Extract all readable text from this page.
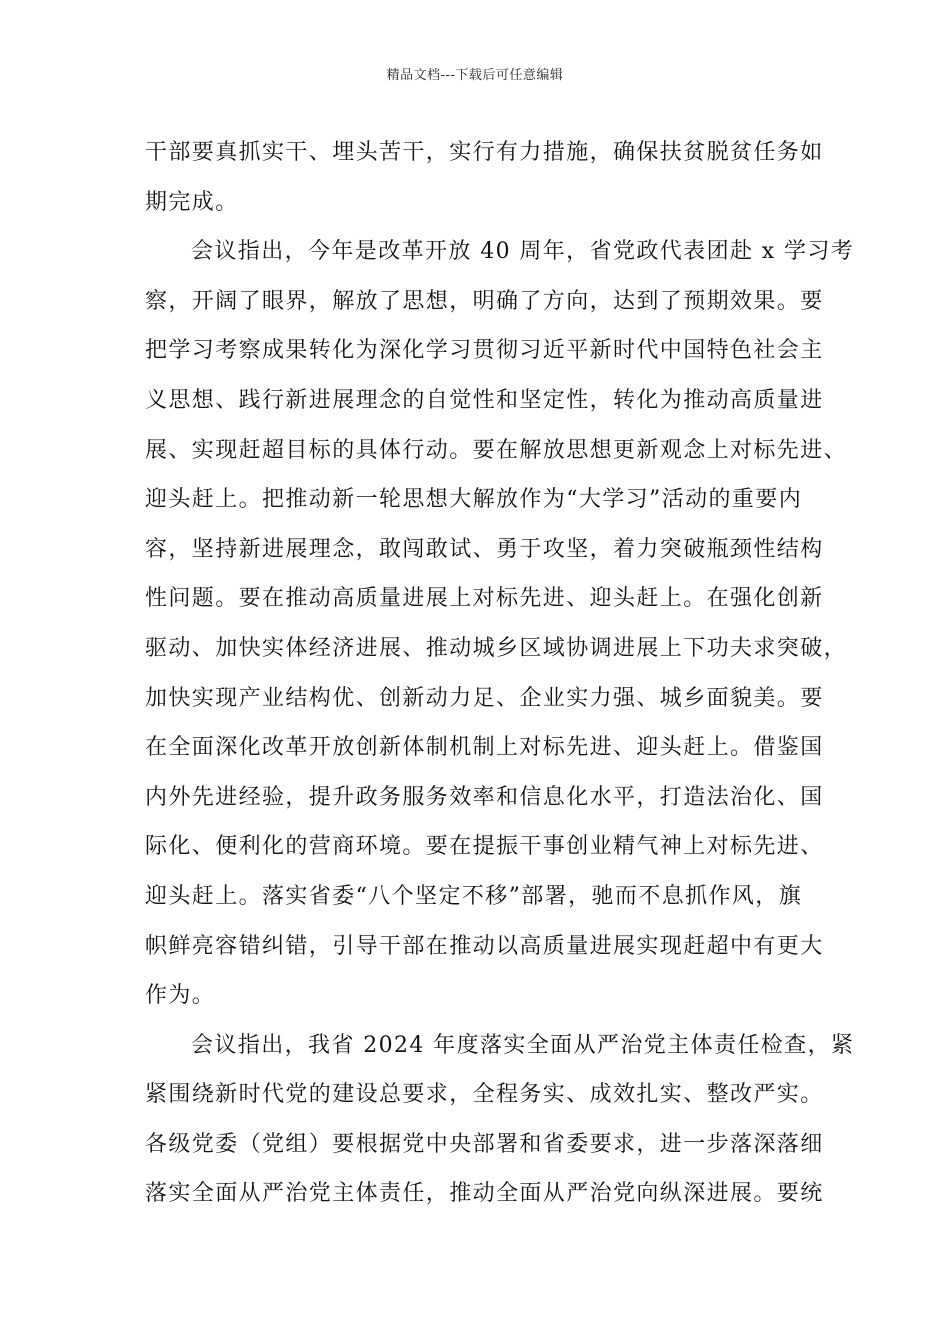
精品文档---下载后可任意编辑

干部要真抓实干、埋头苦干，实行有力措施，确保扶贫脱贫任务如
期完成。

会议指出，今年是改革开放 40 周年，省党政代表团赴 x 学习考
察，开阔了眼界，解放了思想，明确了方向，达到了预期效果。要
把学习考察成果转化为深化学习贯彻习近平新时代中国特色社会主
义思想、践行新进展理念的自觉性和坚定性，转化为推动高质量进
展、实现赶超目标的具体行动。要在解放思想更新观念上对标先进、
迎头赶上。把推动新一轮思想大解放作为“大学习”活动的重要内
容，坚持新进展理念，敢闯敢试、勇于攻坚，着力突破瓶颈性结构
性问题。要在推动高质量进展上对标先进、迎头赶上。在强化创新
驱动、加快实体经济进展、推动城乡区域协调进展上下功夫求突破，
加快实现产业结构优、创新动力足、企业实力强、城乡面貌美。要
在全面深化改革开放创新体制机制上对标先进、迎头赶上。借鉴国
内外先进经验，提升政务服务效率和信息化水平，打造法治化、国
际化、便利化的营商环境。要在提振干事创业精气神上对标先进、
迎头赶上。落实省委“八个坚定不移”部署，驰而不息抓作风，旗
帜鲜亮容错纠错，引导干部在推动以高质量进展实现赶超中有更大
作为。

会议指出，我省 2024 年度落实全面从严治党主体责任检查，紧
紧围绕新时代党的建设总要求，全程务实、成效扎实、整改严实。
各级党委（党组）要根据党中央部署和省委要求，进一步落深落细
落实全面从严治党主体责任，推动全面从严治党向纵深进展。要统
